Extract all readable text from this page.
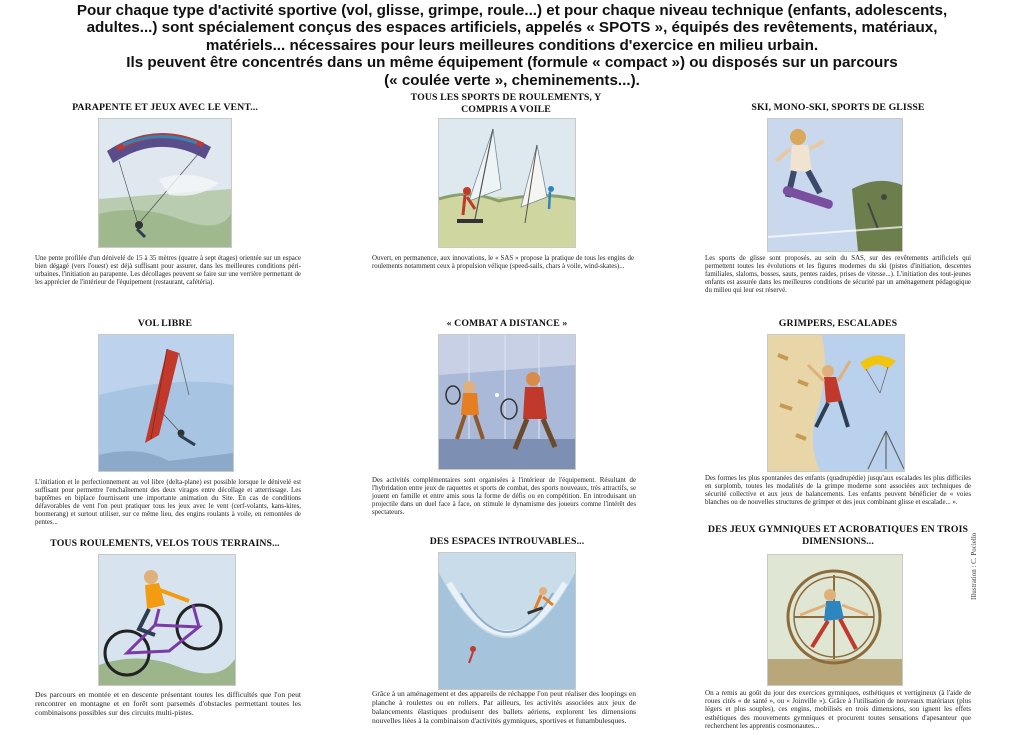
Pour chaque type d'activité sportive (vol, glisse, grimpe, roule...) et pour chaque niveau technique (enfants, adolescents,
adultes...) sont spécialement conçus des espaces artificiels, appelés « SPOTS », équipés des revêtements, matériaux,
matériels... nécessaires pour leurs meilleures conditions d'exercice en milieu urbain.
Ils peuvent être concentrés dans un même équipement (formule « compact ») ou disposés sur un parcours
(« coulée verte », cheminements...).
PARAPENTE ET JEUX AVEC LE VENT...
Une pente profilée d'un dénivelé de 15 à 35 mètres (quatre à sept étages) orientée sur un espace bien dégagé (vers l'ouest) est déjà suffisant pour assurer, dans les meilleures conditions péri-urbaines, l'initiation au parapente. Les décollages peuvent se faire sur une verrière permettant de les apprécier de l'intérieur de l'équipement (restaurant, cafétéria).
TOUS LES SPORTS DE ROULEMENTS, Y COMPRIS A VOILE
Ouvert, en permanence, aux innovations, le « SAS » propose la pratique de tous les engins de roulements notamment ceux à propulsion vélique (speed-sails, chars à voile, wind-skates)...
SKI, MONO-SKI, SPORTS DE GLISSE
Les sports de glisse sont proposés, au sein du SAS, sur des revêtements artificiels qui permettent toutes les évolutions et les figures modernes du ski (pistes d'initiation, descentes familiales, slaloms, bosses, sauts, pentes raides, prises de vitesse...). L'initiation des tout-jeunes enfants est assurée dans les meilleures conditions de sécurité par un aménagement pédagogique du milieu qui leur est réservé.
VOL LIBRE
L'initiation et le perfectionnement au vol libre (delta-plane) est possible lorsque le dénivelé est suffisant pour permettre l'enchaînement des deux virages entre décollage et atterrissage. Les baptêmes en biplace fournissent une importante animation du Site. En cas de conditions défavorables de vent l'on peut pratiquer tous les jeux avec le vent (cerf-volants, kans-kites, boomerang) et surtout utiliser, sur ce même lieu, des engins roulants à voile, en remontées de pentes...
« COMBAT A DISTANCE »
Des activités complémentaires sont organisées à l'intérieur de l'équipement. Résultant de l'hybridation entre jeux de raquettes et sports de combat, des sports nouveaux, très attractifs, se jouent en famille et entre amis sous la forme de défis ou en compétition. En introduisant un projectile dans un duel face à face, on stimule le dynamisme des joueurs comme l'intérêt des spectateurs.
GRIMPERS, ESCALADES
Des formes les plus spontanées des enfants (quadrupédie) jusqu'aux escalades les plus difficiles en surplomb, toutes les modalités de la grimpe moderne sont associées aux techniques de sécurité collective et aux jeux de balancements. Les enfants peuvent bénéficier de « voies blanches ou de nouvelles structures de grimper et des jeux combinant glisse et escalade... ».
TOUS ROULEMENTS, VELOS TOUS TERRAINS...
Des parcours en montée et en descente présentant toutes les difficultés que l'on peut rencontrer en montagne et en forêt sont parsemés d'obstacles permettant toutes les combinaisons possibles sur des circuits multi-pistes.
DES ESPACES INTROUVABLES...
Grâce à un aménagement et des appareils de réchappe l'on peut réaliser des loopings en planche à roulettes ou en rollers. Par ailleurs, les activités associées aux jeux de balancements élastiques produisent des ballets aériens, explorent les dimensions nouvelles liées à la combinaison d'activités gymniques, sportives et funambulesques.
DES JEUX GYMNIQUES ET ACROBATIQUES EN TROIS DIMENSIONS...
On a remis au goût du jour des exercices gymniques, esthétiques et vertigineux (à l'aide de roues cités « de santé », ou « Joinville »). Grâce à l'utilisation de nouveaux matériaux (plus légers et plus souples), ces engins, mobilisés en trois dimensions, sou ignent les effets esthétiques des mouvements gymniques et procurent toutes sensations d'apesanteur que recherchent les apprentis cosmonautes...
Illustration : C. Pociello
